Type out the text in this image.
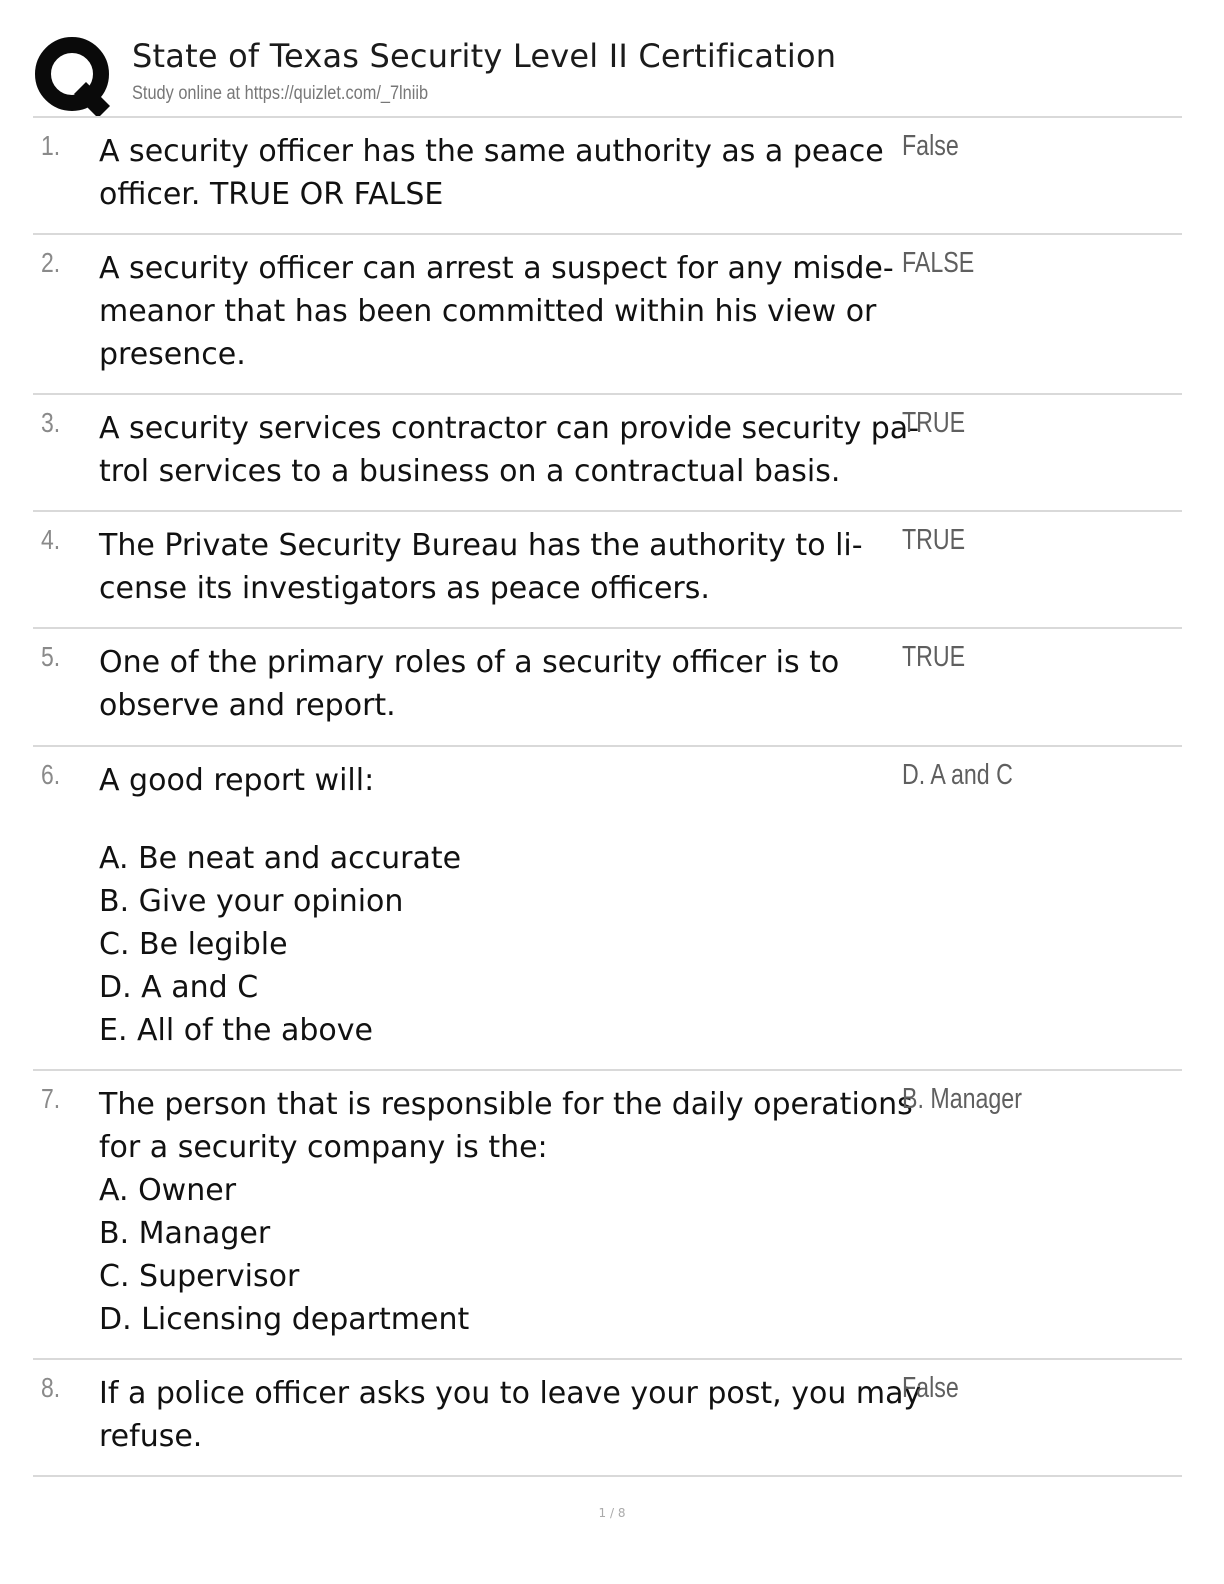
State of Texas Security Level II Certification
Study online at https://quizlet.com/_7lniib
1. A security officer has the same authority as a peace
officer. TRUE OR FALSE
False
2. A security officer can arrest a suspect for any misde-
meanor that has been committed within his view or
presence.
FALSE
3. A security services contractor can provide security pa-
trol services to a business on a contractual basis.
TRUE
4. The Private Security Bureau has the authority to li-
cense its investigators as peace officers.
TRUE
5. One of the primary roles of a security officer is to
observe and report.
TRUE
6. A good report will:
A. Be neat and accurate
B. Give your opinion
C. Be legible
D. A and C
E. All of the above
D. A and C
7. The person that is responsible for the daily operations
for a security company is the:
A. Owner
B. Manager
C. Supervisor
D. Licensing department
B. Manager
8. If a police officer asks you to leave your post, you may
refuse.
False
1 / 8
